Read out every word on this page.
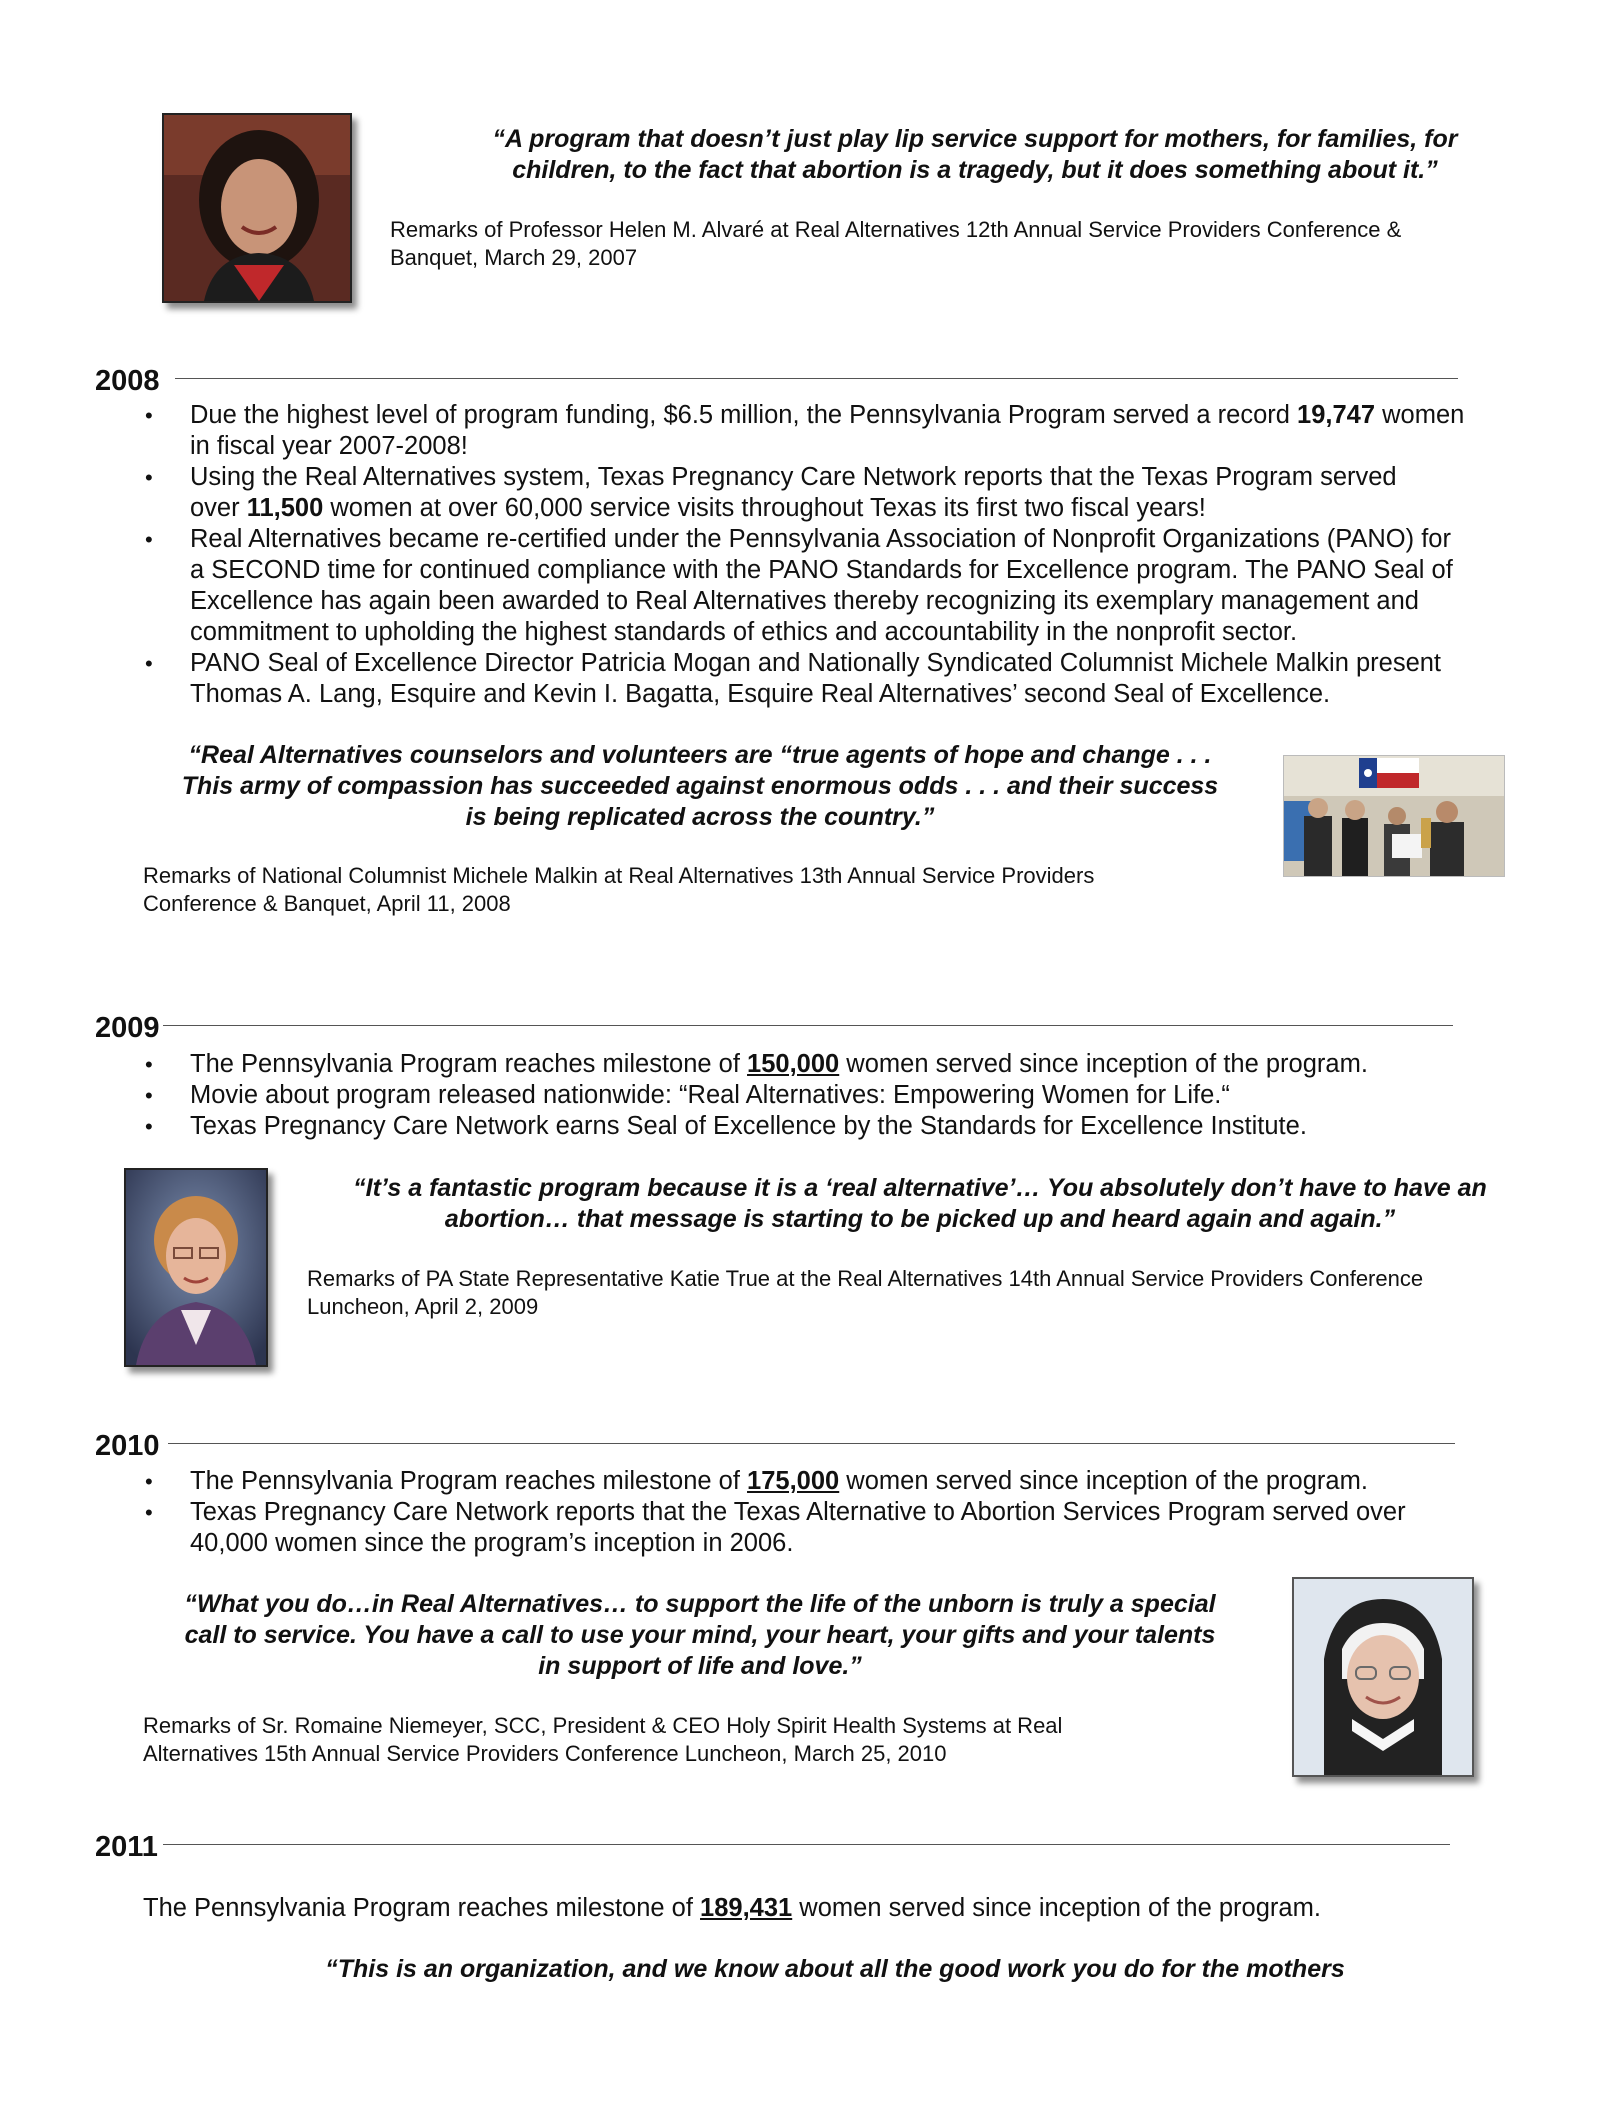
“A program that doesn’t just play lip service support for mothers, for families, for
children, to the fact that abortion is a tragedy, but it does something about it.”
Remarks of Professor Helen M. Alvaré at Real Alternatives 12th Annual Service Providers Conference &
Banquet, March 29, 2007
2008
• Due the highest level of program funding, $6.5 million, the Pennsylvania Program served a record 19,747 women
in fiscal year 2007-2008!
• Using the Real Alternatives system, Texas Pregnancy Care Network reports that the Texas Program served
over 11,500 women at over 60,000 service visits throughout Texas its first two fiscal years!
• Real Alternatives became re-certified under the Pennsylvania Association of Nonprofit Organizations (PANO) for
a SECOND time for continued compliance with the PANO Standards for Excellence program. The PANO Seal of
Excellence has again been awarded to Real Alternatives thereby recognizing its exemplary management and
commitment to upholding the highest standards of ethics and accountability in the nonprofit sector.
• PANO Seal of Excellence Director Patricia Mogan and Nationally Syndicated Columnist Michele Malkin present
Thomas A. Lang, Esquire and Kevin I. Bagatta, Esquire Real Alternatives’ second Seal of Excellence.
“Real Alternatives counselors and volunteers are “true agents of hope and change . . .
This army of compassion has succeeded against enormous odds . . . and their success
is being replicated across the country.”
Remarks of National Columnist Michele Malkin at Real Alternatives 13th Annual Service Providers
Conference & Banquet, April 11, 2008
2009
• The Pennsylvania Program reaches milestone of 150,000 women served since inception of the program.
• Movie about program released nationwide: “Real Alternatives: Empowering Women for Life.“
• Texas Pregnancy Care Network earns Seal of Excellence by the Standards for Excellence Institute.
“It’s a fantastic program because it is a ‘real alternative’… You absolutely don’t have to have an
abortion… that message is starting to be picked up and heard again and again.”
Remarks of PA State Representative Katie True at the Real Alternatives 14th Annual Service Providers Conference
Luncheon, April 2, 2009
2010
• The Pennsylvania Program reaches milestone of 175,000 women served since inception of the program.
• Texas Pregnancy Care Network reports that the Texas Alternative to Abortion Services Program served over
40,000 women since the program’s inception in 2006.
“What you do…in Real Alternatives… to support the life of the unborn is truly a special
call to service. You have a call to use your mind, your heart, your gifts and your talents
in support of life and love.”
Remarks of Sr. Romaine Niemeyer, SCC, President & CEO Holy Spirit Health Systems at Real
Alternatives 15th Annual Service Providers Conference Luncheon, March 25, 2010
2011
The Pennsylvania Program reaches milestone of 189,431 women served since inception of the program.
“This is an organization, and we know about all the good work you do for the mothers
